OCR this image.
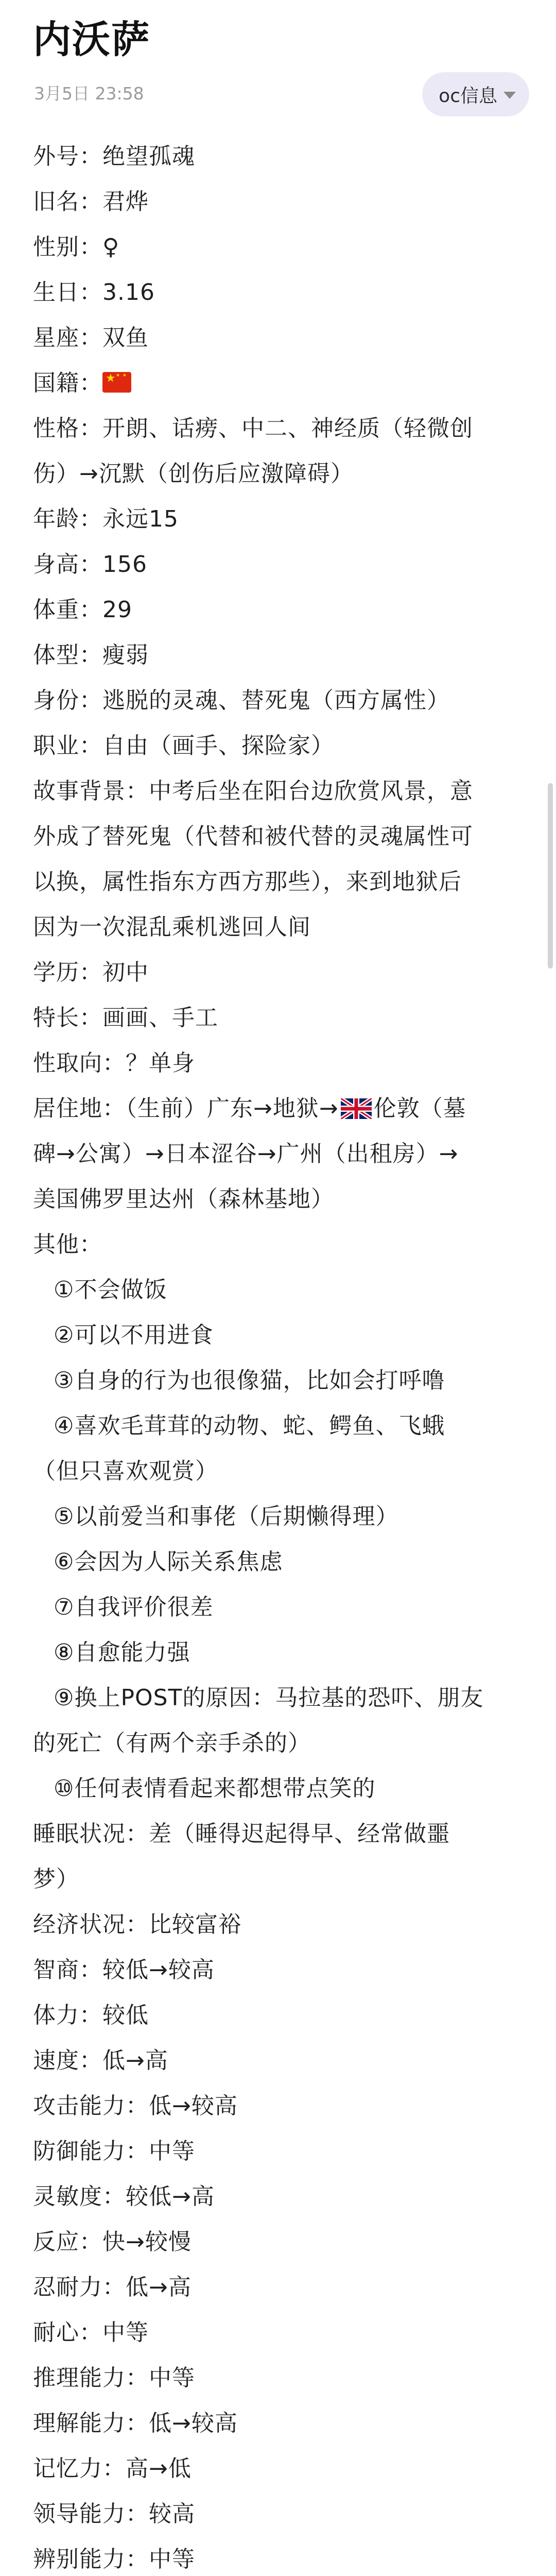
内沃萨
3月5日 23:58	oc信息
外号：绝望孤魂
旧名：君烨
性别：♀
生日：3.16
星座：双鱼
国籍：★ ★ ★
性格：开朗、话痨、中二、神经质（轻微创
伤）→沉默（创伤后应激障碍）
年龄：永远15
身高：156
体重：29
体型：瘦弱
身份：逃脱的灵魂、替死鬼（西方属性）
职业：自由（画手、探险家）
故事背景：中考后坐在阳台边欣赏风景，意
外成了替死鬼（代替和被代替的灵魂属性可
以换，属性指东方西方那些），来到地狱后
因为一次混乱乘机逃回人间
学历：初中
特长：画画、手工
性取向：？单身
居住地：（生前）广东→地狱→ 伦敦（墓
碑→公寓）→日本涩谷→广州（出租房）→
美国佛罗里达州（森林基地）
其他：
①不会做饭
②可以不用进食
③自身的行为也很像猫，比如会打呼噜
④喜欢毛茸茸的动物、蛇、鳄鱼、飞蛾
（但只喜欢观赏）
⑤以前爱当和事佬（后期懒得理）
⑥会因为人际关系焦虑
⑦自我评价很差
⑧自愈能力强
⑨换上POST的原因：马拉基的恐吓、朋友
的死亡（有两个亲手杀的）
⑩任何表情看起来都想带点笑的
睡眠状况：差（睡得迟起得早、经常做噩
梦）
经济状况：比较富裕
智商：较低→较高
体力：较低
速度：低→高
攻击能力：低→较高
防御能力：中等
灵敏度：较低→高
反应：快→较慢
忍耐力：低→高
耐心：中等
推理能力：中等
理解能力：低→较高
记忆力：高→低
领导能力：较高
辨别能力：中等
